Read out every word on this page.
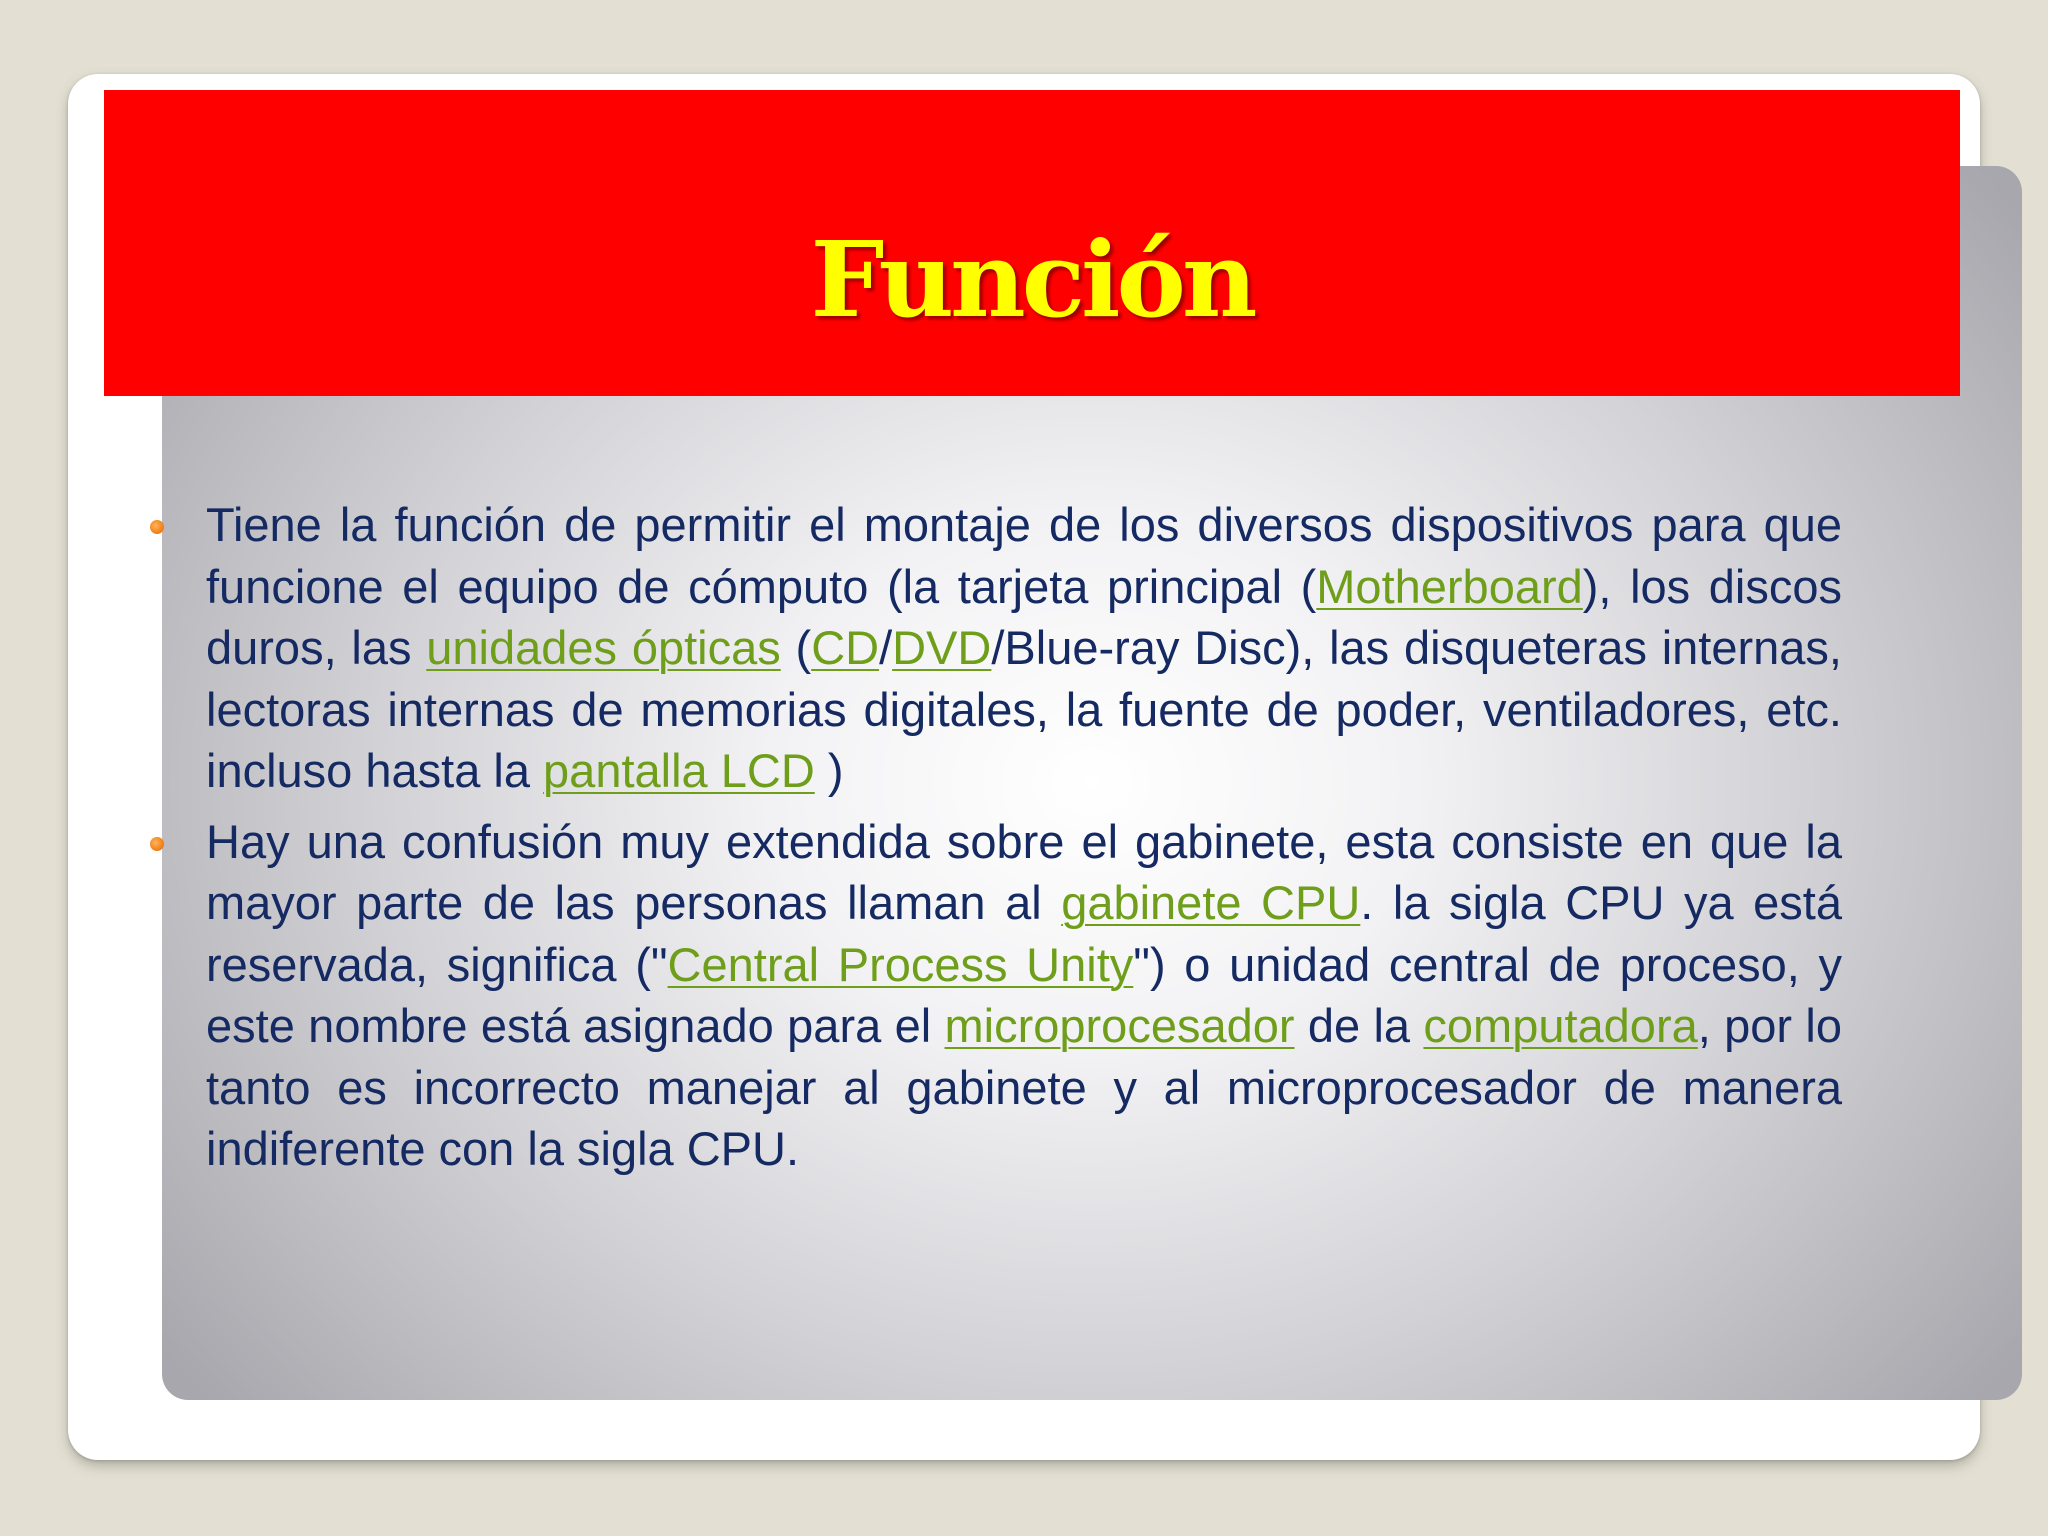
Función
Tiene la función de permitir el montaje de los diversos dispositivos para que funcione el equipo de cómputo (la tarjeta principal (Motherboard), los discos duros, las unidades ópticas (CD/DVD/Blue-ray Disc), las disqueteras internas, lectoras internas de memorias digitales, la fuente de poder, ventiladores, etc. incluso hasta la pantalla LCD )
Hay una confusión muy extendida sobre el gabinete, esta consiste en que la mayor parte de las personas llaman al gabinete CPU. la sigla CPU ya está reservada, significa ("Central Process Unity") o unidad central de proceso, y este nombre está asignado para el microprocesador de la computadora, por lo tanto es incorrecto manejar al gabinete y al microprocesador de manera indiferente con la sigla CPU.
